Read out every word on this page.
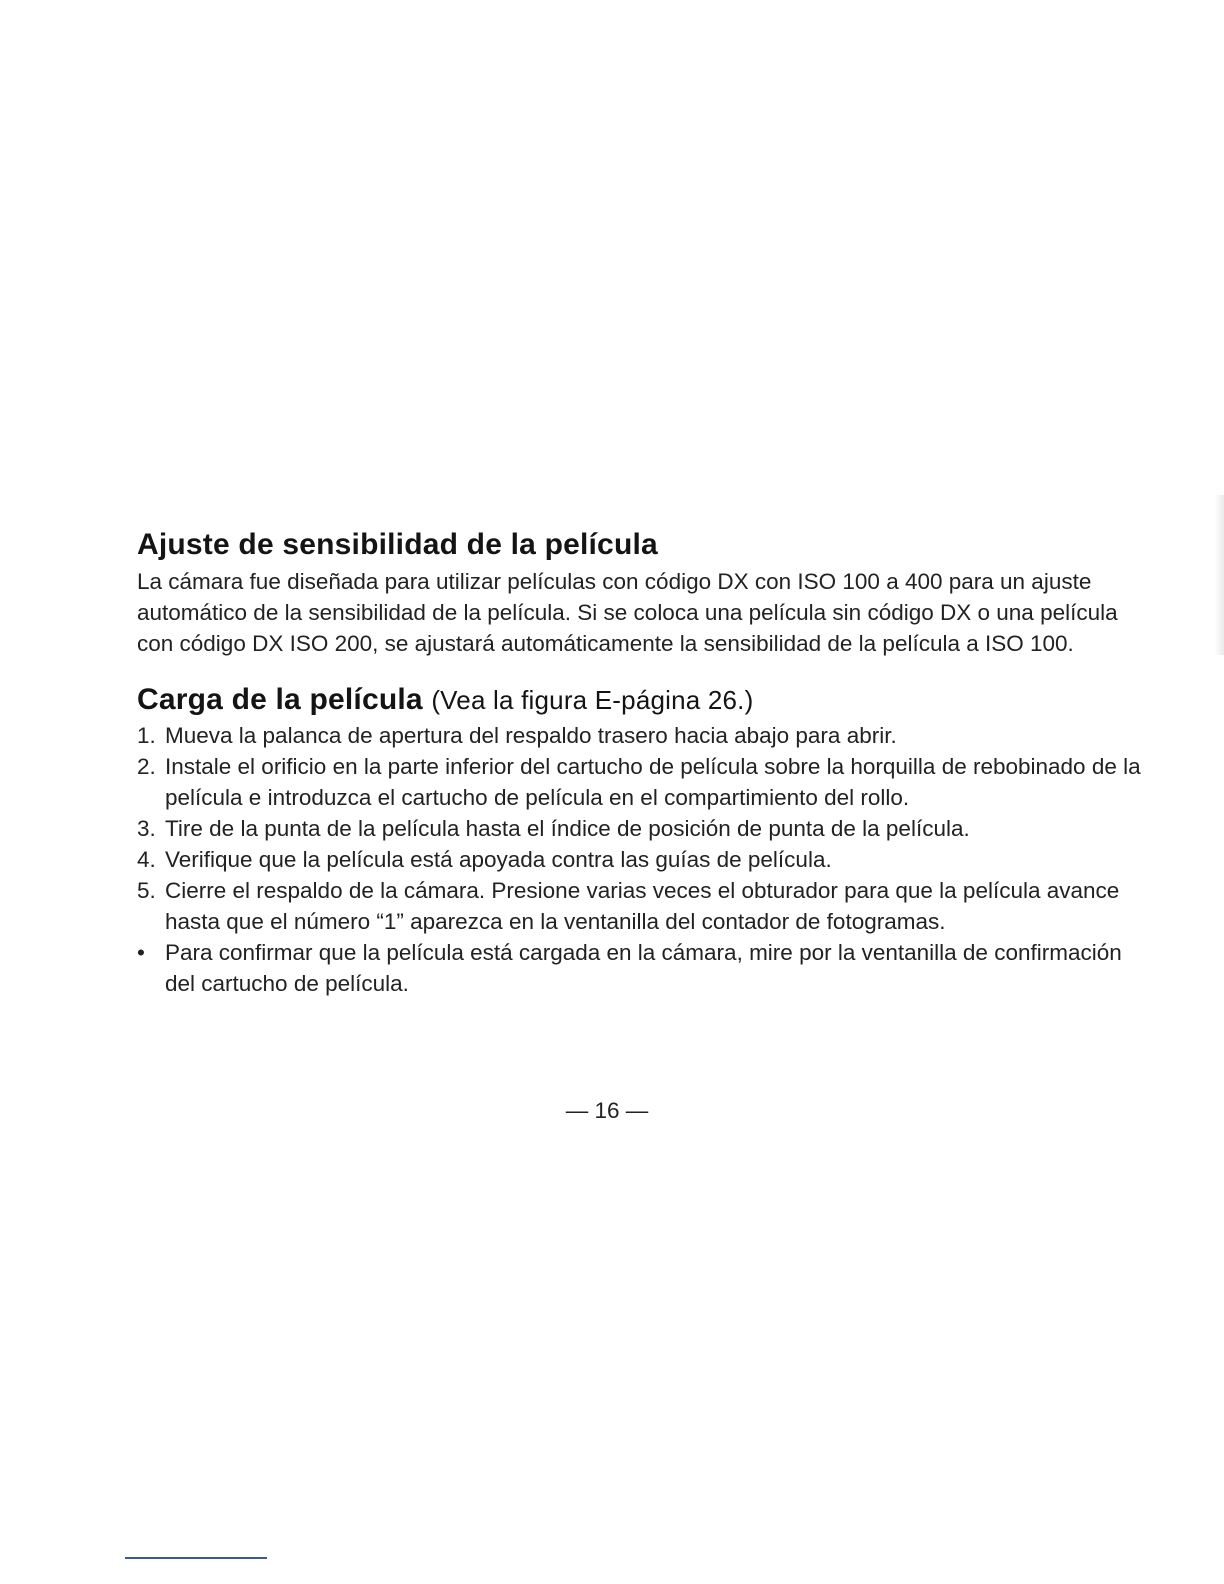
Ajuste de sensibilidad de la película

La cámara fue diseñada para utilizar películas con código DX con ISO 100 a 400 para un ajuste automático de la sensibilidad de la película. Si se coloca una película sin código DX o una película con código DX ISO 200, se ajustará automáticamente la sensibilidad de la película a ISO 100.

Carga de la película (Vea la figura E-página 26.)
1. Mueva la palanca de apertura del respaldo trasero hacia abajo para abrir.
2. Instale el orificio en la parte inferior del cartucho de película sobre la horquilla de rebobinado de la película e introduzca el cartucho de película en el compartimiento del rollo.
3. Tire de la punta de la película hasta el índice de posición de punta de la película.
4. Verifique que la película está apoyada contra las guías de película.
5. Cierre el respaldo de la cámara. Presione varias veces el obturador para que la película avance hasta que el número “1” aparezca en la ventanilla del contador de fotogramas.
• Para confirmar que la película está cargada en la cámara, mire por la ventanilla de confirmación del cartucho de película.
— 16 —
